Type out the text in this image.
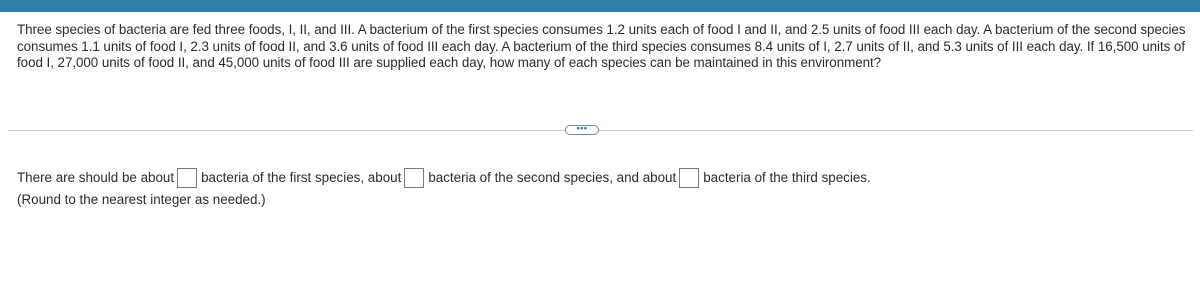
Three species of bacteria are fed three foods, I, II, and III. A bacterium of the first species consumes 1.2 units each of food I and II, and 2.5 units of food III each day. A bacterium of the second species consumes 1.1 units of food I, 2.3 units of food II, and 3.6 units of food III each day. A bacterium of the third species consumes 8.4 units of I, 2.7 units of II, and 5.3 units of III each day. If 16,500 units of food I, 27,000 units of food II, and 45,000 units of food III are supplied each day, how many of each species can be maintained in this environment?
•••
There are should be about bacteria of the first species, about bacteria of the second species, and about bacteria of the third species.
(Round to the nearest integer as needed.)
